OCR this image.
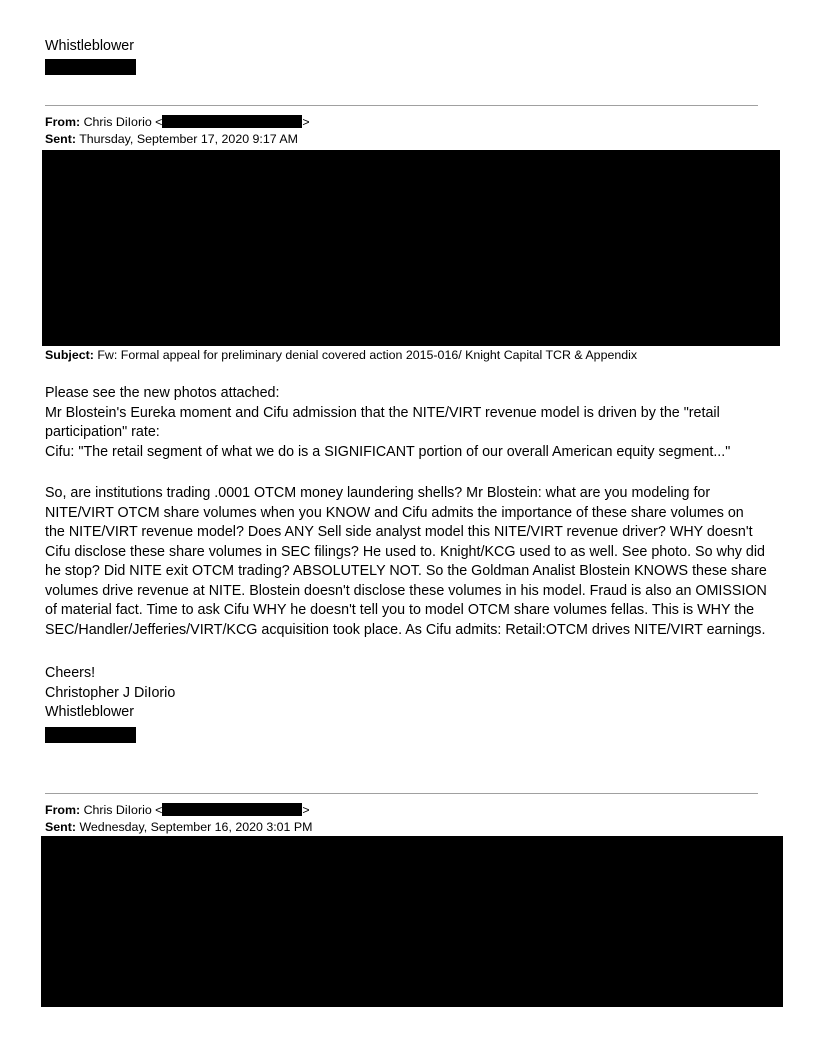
Whistleblower
From: Chris DiIorio <	>
Sent: Thursday, September 17, 2020 9:17 AM
Subject: Fw: Formal appeal for preliminary denial covered action 2015-016/ Knight Capital TCR & Appendix
Please see the new photos attached:
Mr Blostein's Eureka moment and Cifu admission that the NITE/VIRT revenue model is driven by the "retail
participation" rate:
Cifu: "The retail segment of what we do is a SIGNIFICANT portion of our overall American equity segment..."
So, are institutions trading .0001 OTCM money laundering shells? Mr Blostein: what are you modeling for
NITE/VIRT OTCM share volumes when you KNOW and Cifu admits the importance of these share volumes on
the NITE/VIRT revenue model? Does ANY Sell side analyst model this NITE/VIRT revenue driver? WHY doesn't
Cifu disclose these share volumes in SEC filings? He used to. Knight/KCG used to as well. See photo. So why did
he stop? Did NITE exit OTCM trading? ABSOLUTELY NOT. So the Goldman Analist Blostein KNOWS these share
volumes drive revenue at NITE. Blostein doesn't disclose these volumes in his model. Fraud is also an OMISSION
of material fact. Time to ask Cifu WHY he doesn't tell you to model OTCM share volumes fellas. This is WHY the
SEC/Handler/Jefferies/VIRT/KCG acquisition took place. As Cifu admits: Retail:OTCM drives NITE/VIRT earnings.
Cheers!
Christopher J DiIorio
Whistleblower
From: Chris DiIorio <	>
Sent: Wednesday, September 16, 2020 3:01 PM
